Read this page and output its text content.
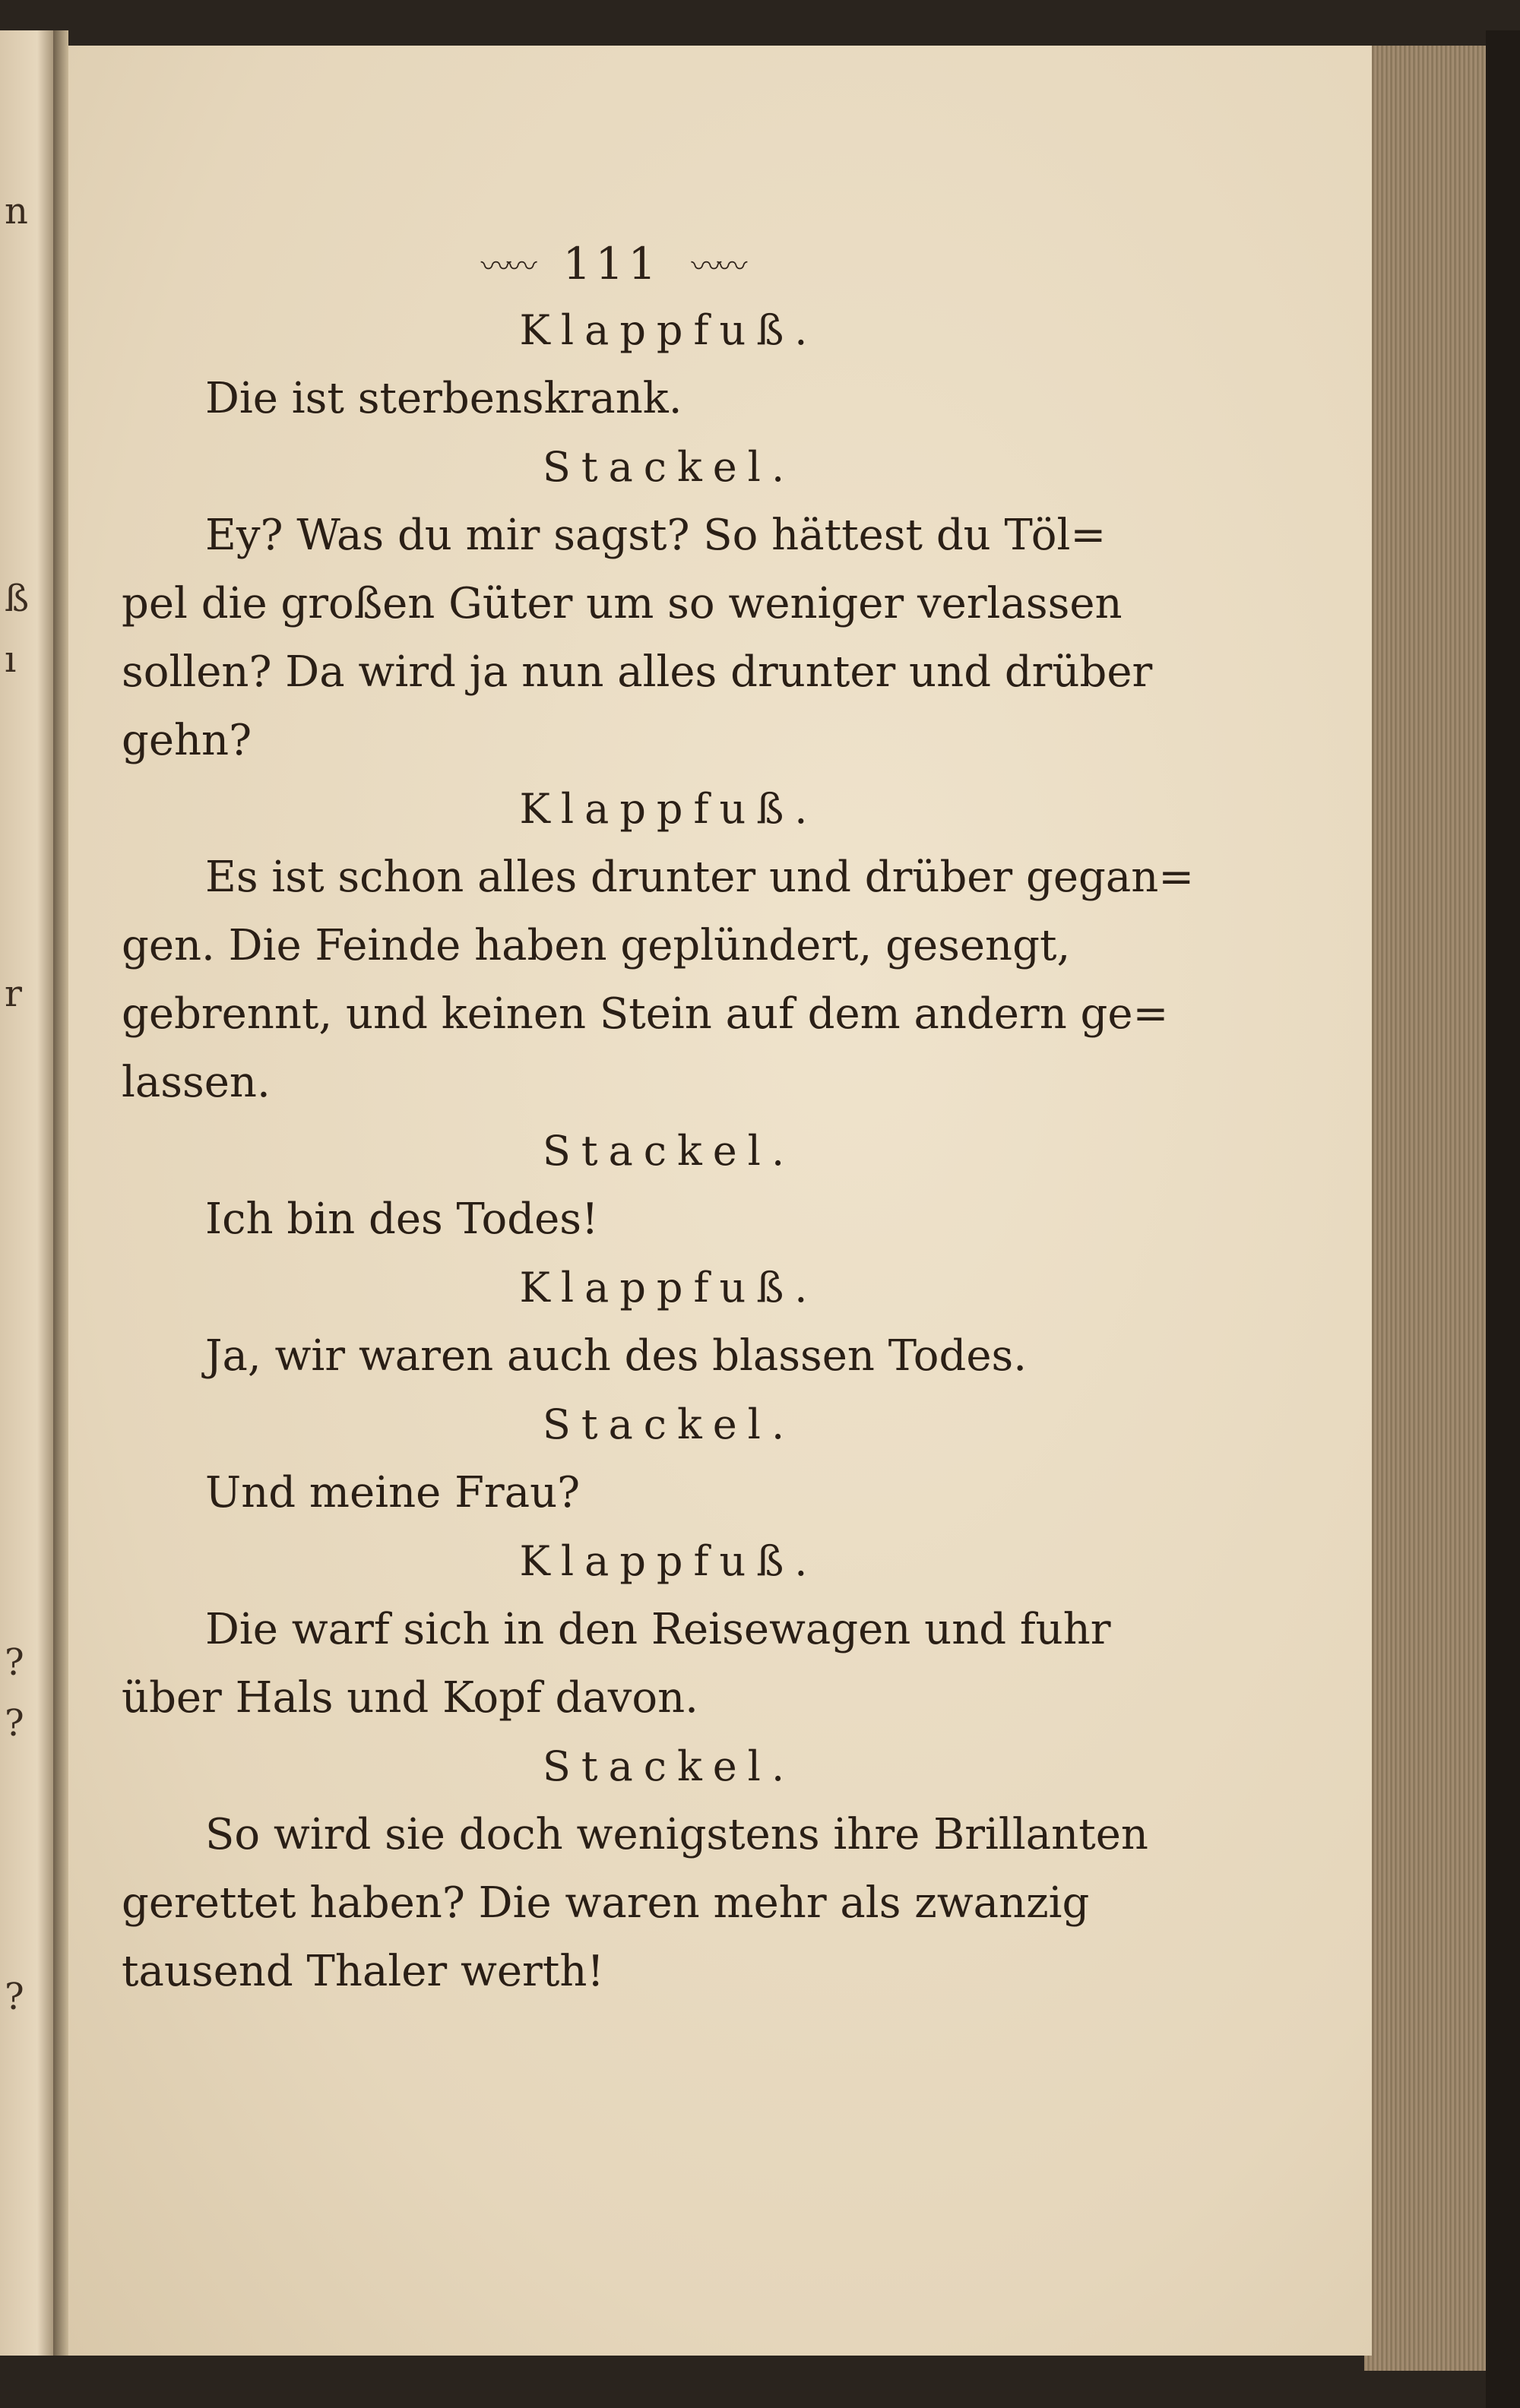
n
ß
ı
r
?
?
?
〰〰 111 〰〰
Klappfuß.
Die ist sterbenskrank.
Stackel.
Ey? Was du mir sagst? So hättest du Töl=
pel die großen Güter um so weniger verlassen
sollen? Da wird ja nun alles drunter und drüber
gehn?
Klappfuß.
Es ist schon alles drunter und drüber gegan=
gen. Die Feinde haben geplündert, gesengt,
gebrennt, und keinen Stein auf dem andern ge=
lassen.
Stackel.
Ich bin des Todes!
Klappfuß.
Ja, wir waren auch des blassen Todes.
Stackel.
Und meine Frau?
Klappfuß.
Die warf sich in den Reisewagen und fuhr
über Hals und Kopf davon.
Stackel.
So wird sie doch wenigstens ihre Brillanten
gerettet haben? Die waren mehr als zwanzig
tausend Thaler werth!
